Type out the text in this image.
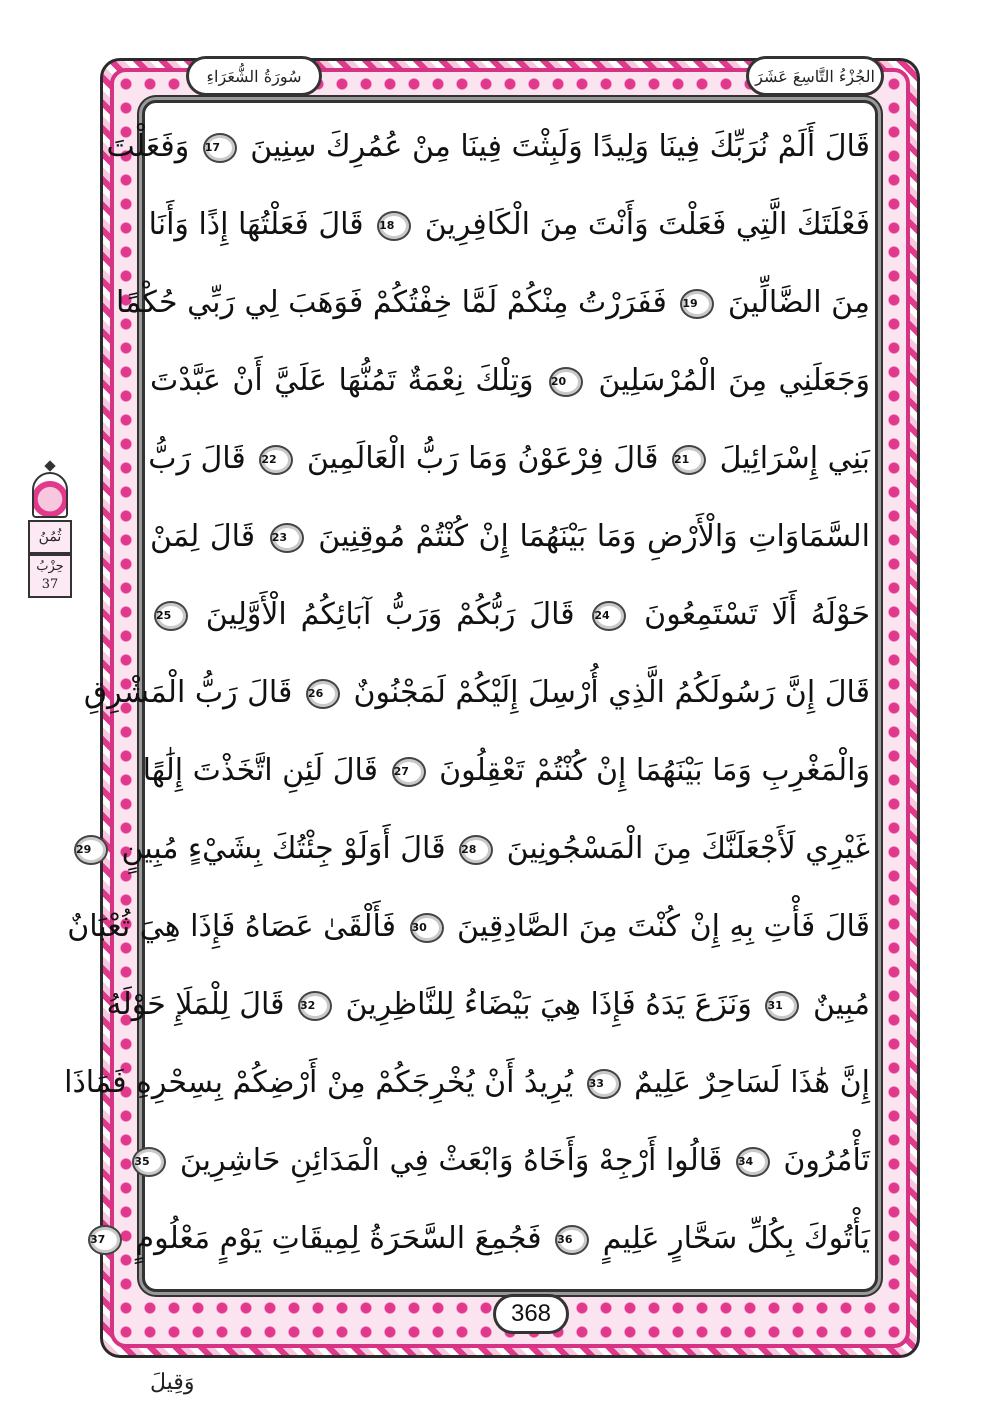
سُورَةُ الشُّعَرَاءِ	الجُزْءُ التَّاسِعَ عَشَرَ
ثُمُنُ
حِزْبُ
37
قَالَ أَلَمْ نُرَبِّكَ فِينَا وَلِيدًا وَلَبِثْتَ فِينَا مِنْ عُمُرِكَ سِنِينَ 17 وَفَعَلْتَ
فَعْلَتَكَ الَّتِي فَعَلْتَ وَأَنْتَ مِنَ الْكَافِرِينَ 18 قَالَ فَعَلْتُهَا إِذًا وَأَنَا
مِنَ الضَّالِّينَ 19 فَفَرَرْتُ مِنْكُمْ لَمَّا خِفْتُكُمْ فَوَهَبَ لِي رَبِّي حُكْمًا
وَجَعَلَنِي مِنَ الْمُرْسَلِينَ 20 وَتِلْكَ نِعْمَةٌ تَمُنُّهَا عَلَيَّ أَنْ عَبَّدْتَ
بَنِي إِسْرَائِيلَ 21 قَالَ فِرْعَوْنُ وَمَا رَبُّ الْعَالَمِينَ 22 قَالَ رَبُّ
السَّمَاوَاتِ وَالْأَرْضِ وَمَا بَيْنَهُمَا إِنْ كُنْتُمْ مُوقِنِينَ 23 قَالَ لِمَنْ
حَوْلَهُ أَلَا تَسْتَمِعُونَ 24 قَالَ رَبُّكُمْ وَرَبُّ آبَائِكُمُ الْأَوَّلِينَ 25
قَالَ إِنَّ رَسُولَكُمُ الَّذِي أُرْسِلَ إِلَيْكُمْ لَمَجْنُونٌ 26 قَالَ رَبُّ الْمَشْرِقِ
وَالْمَغْرِبِ وَمَا بَيْنَهُمَا إِنْ كُنْتُمْ تَعْقِلُونَ 27 قَالَ لَئِنِ اتَّخَذْتَ إِلَٰهًا
غَيْرِي لَأَجْعَلَنَّكَ مِنَ الْمَسْجُونِينَ 28 قَالَ أَوَلَوْ جِئْتُكَ بِشَيْءٍ مُبِينٍ 29
قَالَ فَأْتِ بِهِ إِنْ كُنْتَ مِنَ الصَّادِقِينَ 30 فَأَلْقَىٰ عَصَاهُ فَإِذَا هِيَ ثُعْبَانٌ
مُبِينٌ 31 وَنَزَعَ يَدَهُ فَإِذَا هِيَ بَيْضَاءُ لِلنَّاظِرِينَ 32 قَالَ لِلْمَلَإِ حَوْلَهُ
إِنَّ هَٰذَا لَسَاحِرٌ عَلِيمٌ 33 يُرِيدُ أَنْ يُخْرِجَكُمْ مِنْ أَرْضِكُمْ بِسِحْرِهِ فَمَاذَا
تَأْمُرُونَ 34 قَالُوا أَرْجِهْ وَأَخَاهُ وَابْعَثْ فِي الْمَدَائِنِ حَاشِرِينَ 35
يَأْتُوكَ بِكُلِّ سَحَّارٍ عَلِيمٍ 36 فَجُمِعَ السَّحَرَةُ لِمِيقَاتِ يَوْمٍ مَعْلُومٍ 37
368
وَقِيلَ
